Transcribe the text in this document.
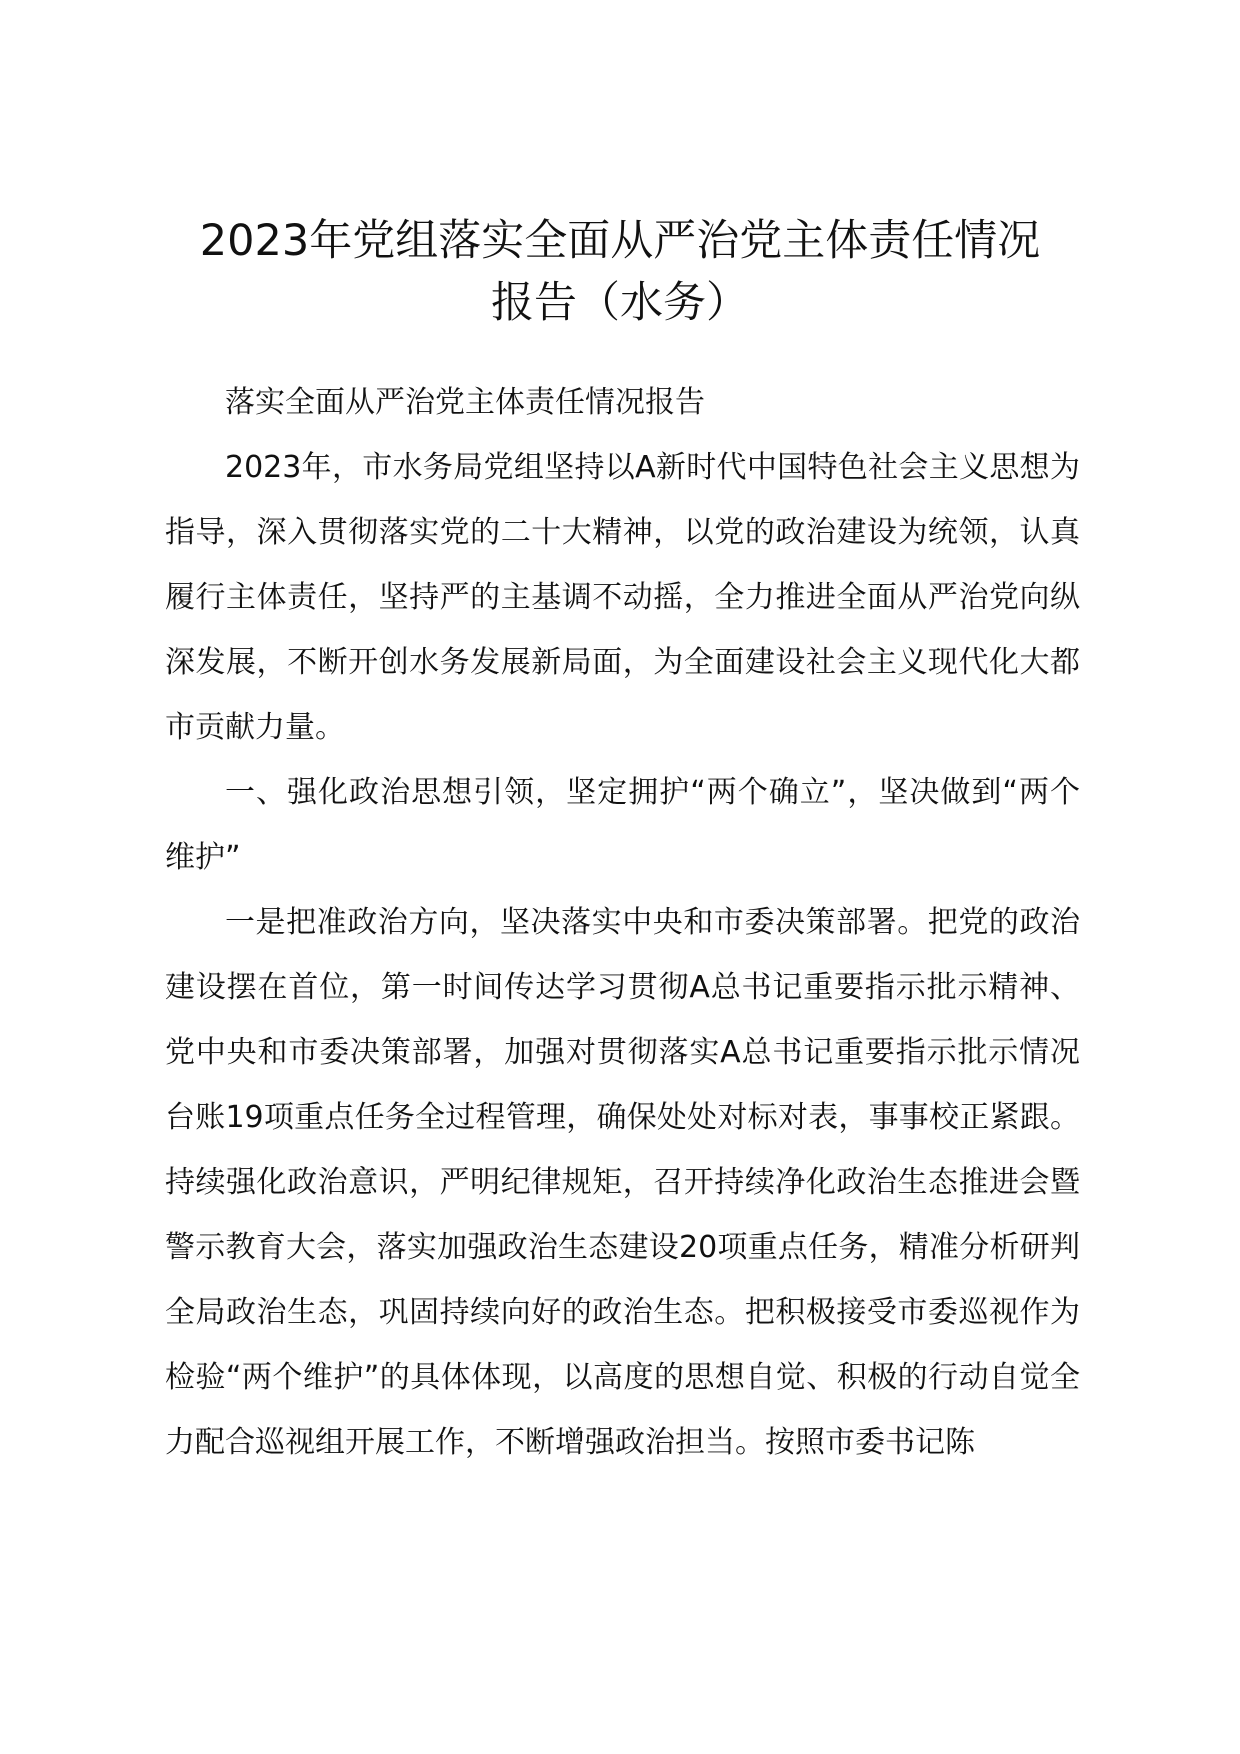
2023年党组落实全面从严治党主体责任情况
报告（水务）

落实全面从严治党主体责任情况报告

2023年，市水务局党组坚持以A新时代中国特色社会主义思想为指导，深入贯彻落实党的二十大精神，以党的政治建设为统领，认真履行主体责任，坚持严的主基调不动摇，全力推进全面从严治党向纵深发展，不断开创水务发展新局面，为全面建设社会主义现代化大都市贡献力量。

一、强化政治思想引领，坚定拥护“两个确立”，坚决做到“两个维护”

一是把准政治方向，坚决落实中央和市委决策部署。把党的政治建设摆在首位，第一时间传达学习贯彻A总书记重要指示批示精神、党中央和市委决策部署，加强对贯彻落实A总书记重要指示批示情况台账19项重点任务全过程管理，确保处处对标对表，事事校正紧跟。持续强化政治意识，严明纪律规矩，召开持续净化政治生态推进会暨警示教育大会，落实加强政治生态建设20项重点任务，精准分析研判全局政治生态，巩固持续向好的政治生态。把积极接受市委巡视作为检验“两个维护”的具体体现，以高度的思想自觉、积极的行动自觉全力配合巡视组开展工作，不断增强政治担当。按照市委书记陈
